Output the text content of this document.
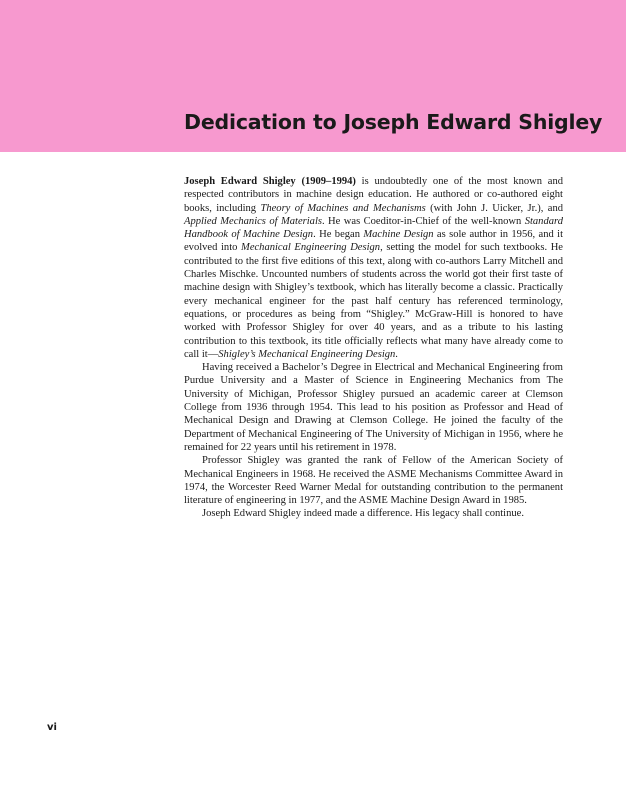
Dedication to Joseph Edward Shigley

Joseph Edward Shigley (1909–1994) is undoubtedly one of the most known and respected contributors in machine design education. He authored or co-authored eight books, including Theory of Machines and Mechanisms (with John J. Uicker, Jr.), and Applied Mechanics of Materials. He was Coeditor-in-Chief of the well-known Standard Handbook of Machine Design. He began Machine Design as sole author in 1956, and it evolved into Mechanical Engineering Design, setting the model for such textbooks. He contributed to the first five editions of this text, along with co-authors Larry Mitchell and Charles Mischke. Uncounted numbers of students across the world got their first taste of machine design with Shigley’s textbook, which has literally become a classic. Practically every mechanical engineer for the past half century has referenced terminology, equations, or procedures as being from “Shigley.” McGraw-Hill is honored to have worked with Professor Shigley for over 40 years, and as a tribute to his lasting contribution to this textbook, its title officially reflects what many have already come to call it—Shigley’s Mechanical Engineering Design.

Having received a Bachelor’s Degree in Electrical and Mechanical Engineering from Purdue University and a Master of Science in Engineering Mechanics from The University of Michigan, Professor Shigley pursued an academic career at Clemson College from 1936 through 1954. This lead to his position as Professor and Head of Mechanical Design and Drawing at Clemson College. He joined the faculty of the Department of Mechanical Engineering of The University of Michigan in 1956, where he remained for 22 years until his retirement in 1978.

Professor Shigley was granted the rank of Fellow of the American Society of Mechanical Engineers in 1968. He received the ASME Mechanisms Committee Award in 1974, the Worcester Reed Warner Medal for outstanding contribution to the permanent literature of engineering in 1977, and the ASME Machine Design Award in 1985.

Joseph Edward Shigley indeed made a difference. His legacy shall continue.

vi
